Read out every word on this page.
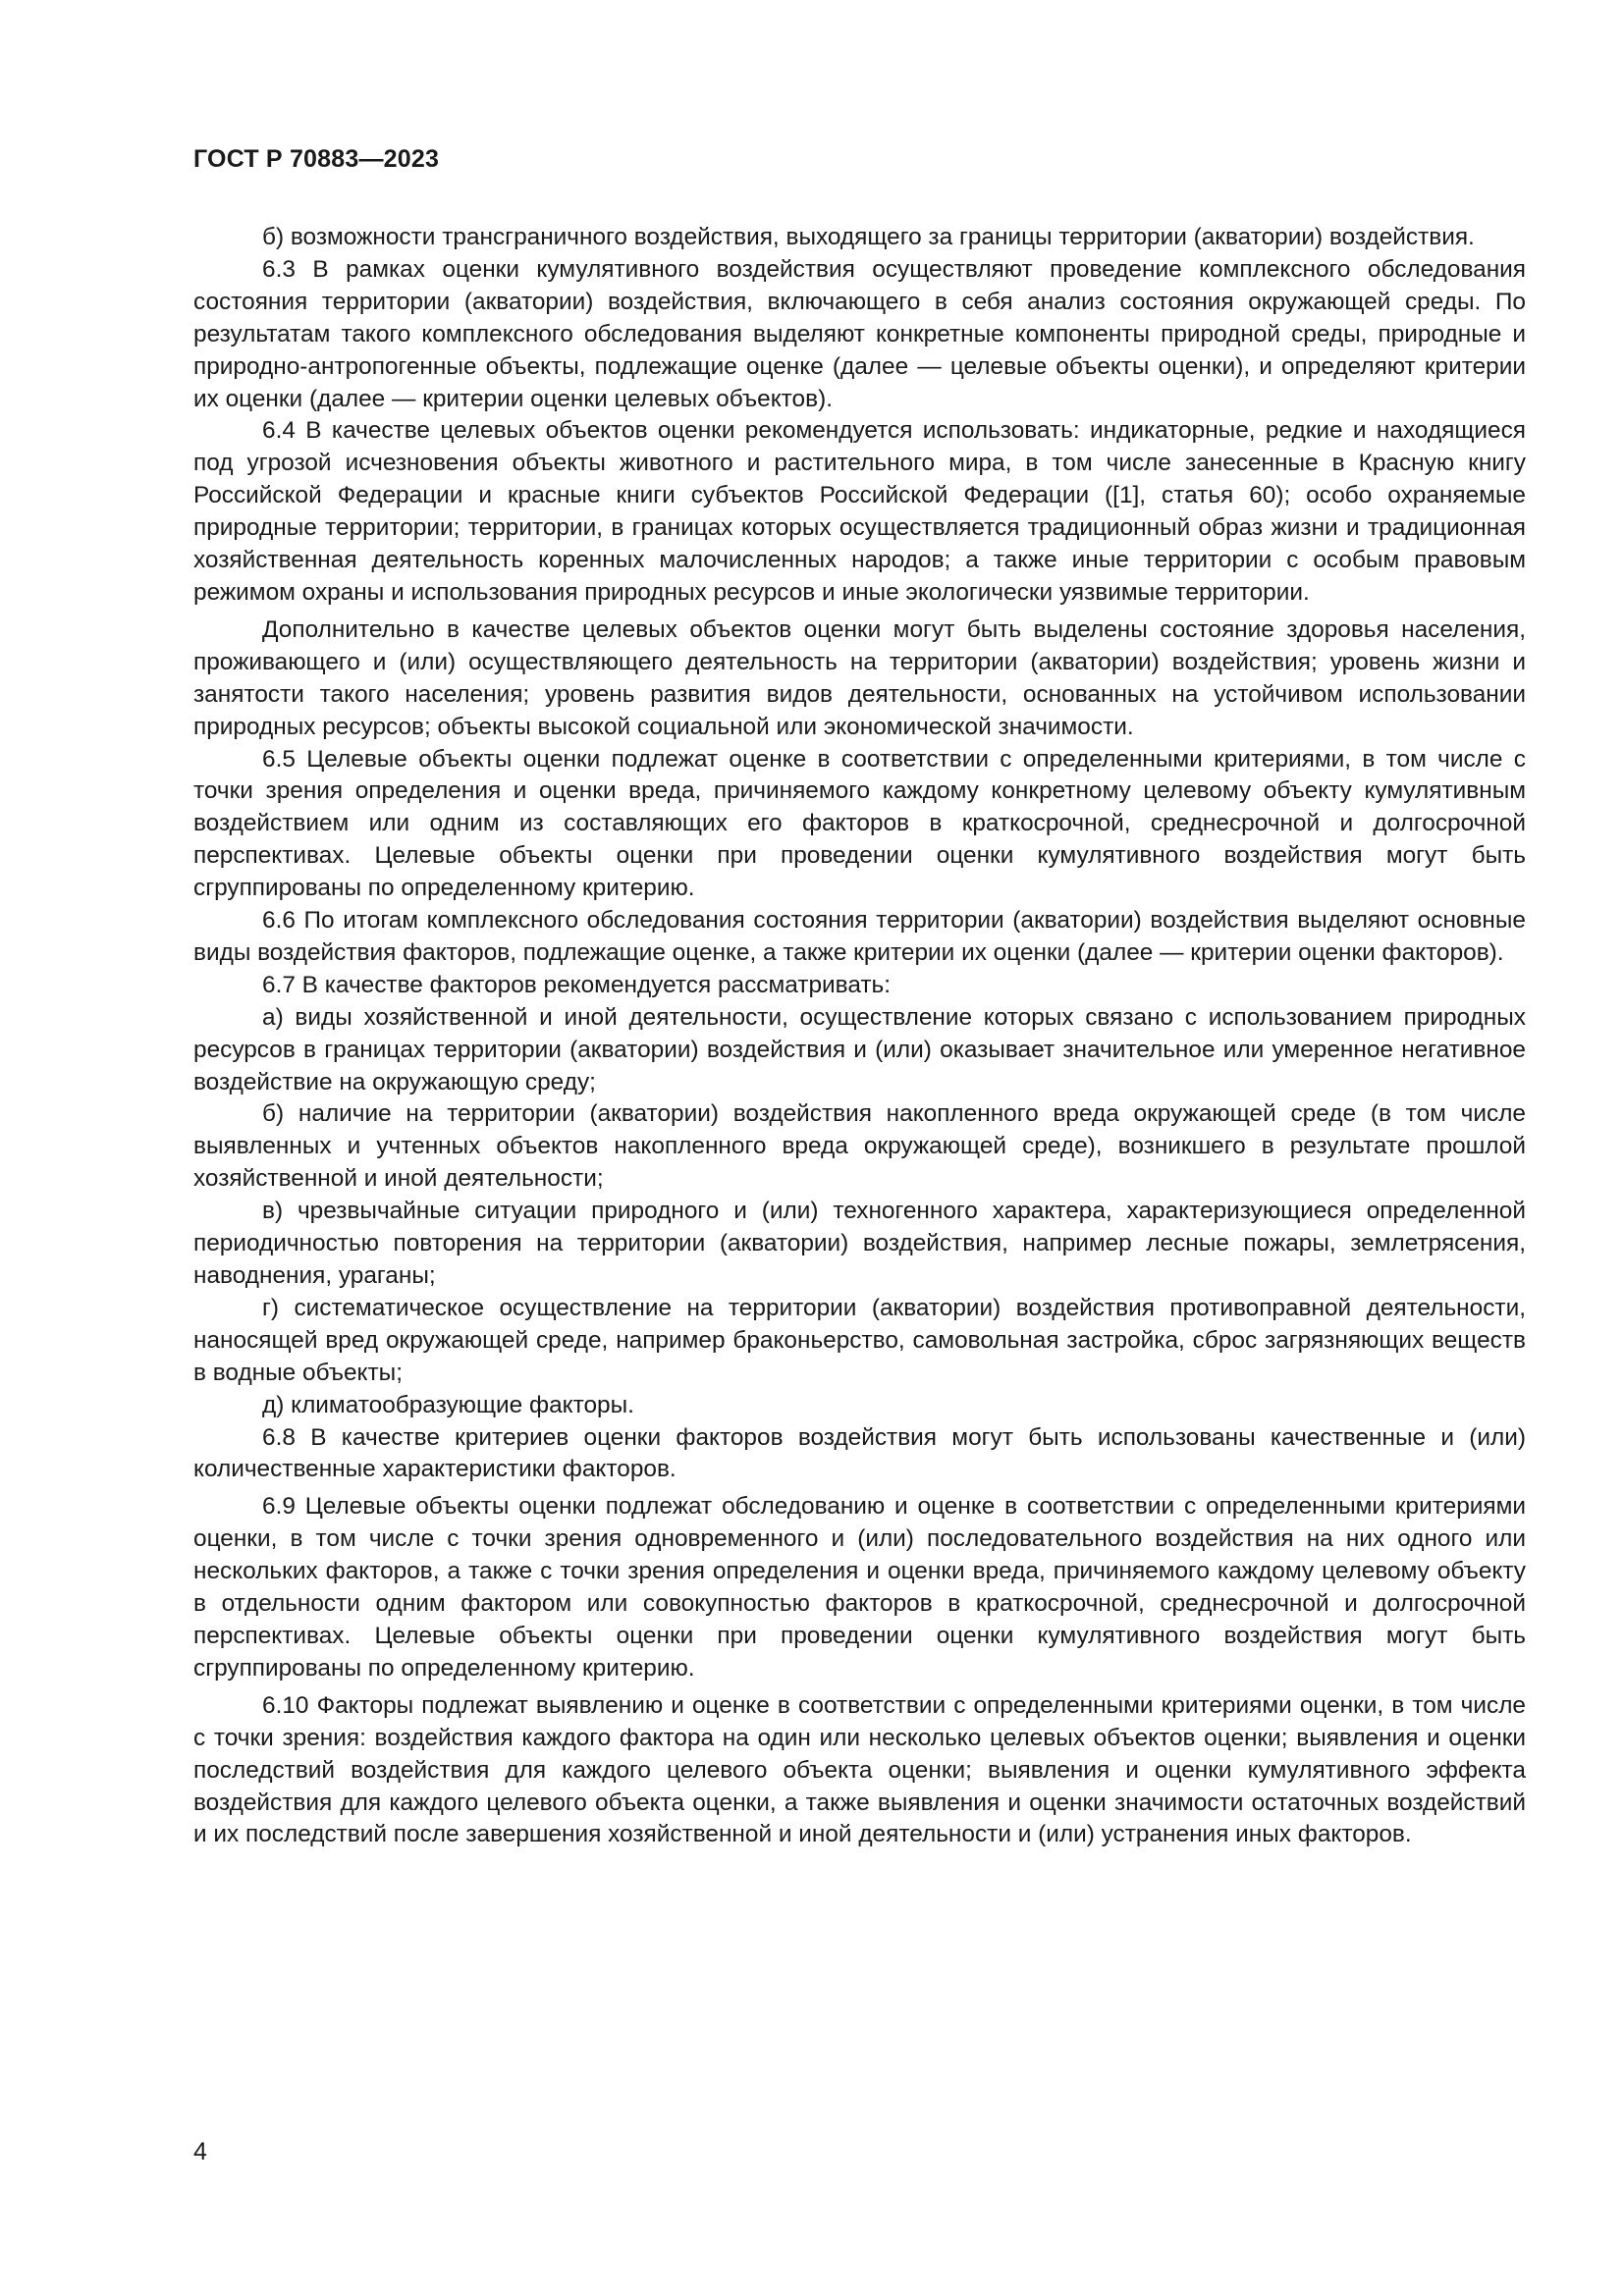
ГОСТ Р 70883—2023

б) возможности трансграничного воздействия, выходящего за границы территории (акватории) воздействия.

6.3 В рамках оценки кумулятивного воздействия осуществляют проведение комплексного обследования состояния территории (акватории) воздействия, включающего в себя анализ состояния окружающей среды. По результатам такого комплексного обследования выделяют конкретные компоненты природной среды, природные и природно-антропогенные объекты, подлежащие оценке (далее — целевые объекты оценки), и определяют критерии их оценки (далее — критерии оценки целевых объектов).

6.4 В качестве целевых объектов оценки рекомендуется использовать: индикаторные, редкие и находящиеся под угрозой исчезновения объекты животного и растительного мира, в том числе занесенные в Красную книгу Российской Федерации и красные книги субъектов Российской Федерации ([1], статья 60); особо охраняемые природные территории; территории, в границах которых осуществляется традиционный образ жизни и традиционная хозяйственная деятельность коренных малочисленных народов; а также иные территории с особым правовым режимом охраны и использования природных ресурсов и иные экологически уязвимые территории.

Дополнительно в качестве целевых объектов оценки могут быть выделены состояние здоровья населения, проживающего и (или) осуществляющего деятельность на территории (акватории) воздействия; уровень жизни и занятости такого населения; уровень развития видов деятельности, основанных на устойчивом использовании природных ресурсов; объекты высокой социальной или экономической значимости.

6.5 Целевые объекты оценки подлежат оценке в соответствии с определенными критериями, в том числе с точки зрения определения и оценки вреда, причиняемого каждому конкретному целевому объекту кумулятивным воздействием или одним из составляющих его факторов в краткосрочной, среднесрочной и долгосрочной перспективах. Целевые объекты оценки при проведении оценки кумулятивного воздействия могут быть сгруппированы по определенному критерию.

6.6 По итогам комплексного обследования состояния территории (акватории) воздействия выделяют основные виды воздействия факторов, подлежащие оценке, а также критерии их оценки (далее — критерии оценки факторов).

6.7 В качестве факторов рекомендуется рассматривать:

а) виды хозяйственной и иной деятельности, осуществление которых связано с использованием природных ресурсов в границах территории (акватории) воздействия и (или) оказывает значительное или умеренное негативное воздействие на окружающую среду;

б) наличие на территории (акватории) воздействия накопленного вреда окружающей среде (в том числе выявленных и учтенных объектов накопленного вреда окружающей среде), возникшего в результате прошлой хозяйственной и иной деятельности;

в) чрезвычайные ситуации природного и (или) техногенного характера, характеризующиеся определенной периодичностью повторения на территории (акватории) воздействия, например лесные пожары, землетрясения, наводнения, ураганы;

г) систематическое осуществление на территории (акватории) воздействия противоправной деятельности, наносящей вред окружающей среде, например браконьерство, самовольная застройка, сброс загрязняющих веществ в водные объекты;

д) климатообразующие факторы.

6.8 В качестве критериев оценки факторов воздействия могут быть использованы качественные и (или) количественные характеристики факторов.

6.9 Целевые объекты оценки подлежат обследованию и оценке в соответствии с определенными критериями оценки, в том числе с точки зрения одновременного и (или) последовательного воздействия на них одного или нескольких факторов, а также с точки зрения определения и оценки вреда, причиняемого каждому целевому объекту в отдельности одним фактором или совокупностью факторов в краткосрочной, среднесрочной и долгосрочной перспективах. Целевые объекты оценки при проведении оценки кумулятивного воздействия могут быть сгруппированы по определенному критерию.

6.10 Факторы подлежат выявлению и оценке в соответствии с определенными критериями оценки, в том числе с точки зрения: воздействия каждого фактора на один или несколько целевых объектов оценки; выявления и оценки последствий воздействия для каждого целевого объекта оценки; выявления и оценки кумулятивного эффекта воздействия для каждого целевого объекта оценки, а также выявления и оценки значимости остаточных воздействий и их последствий после завершения хозяйственной и иной деятельности и (или) устранения иных факторов.

4
